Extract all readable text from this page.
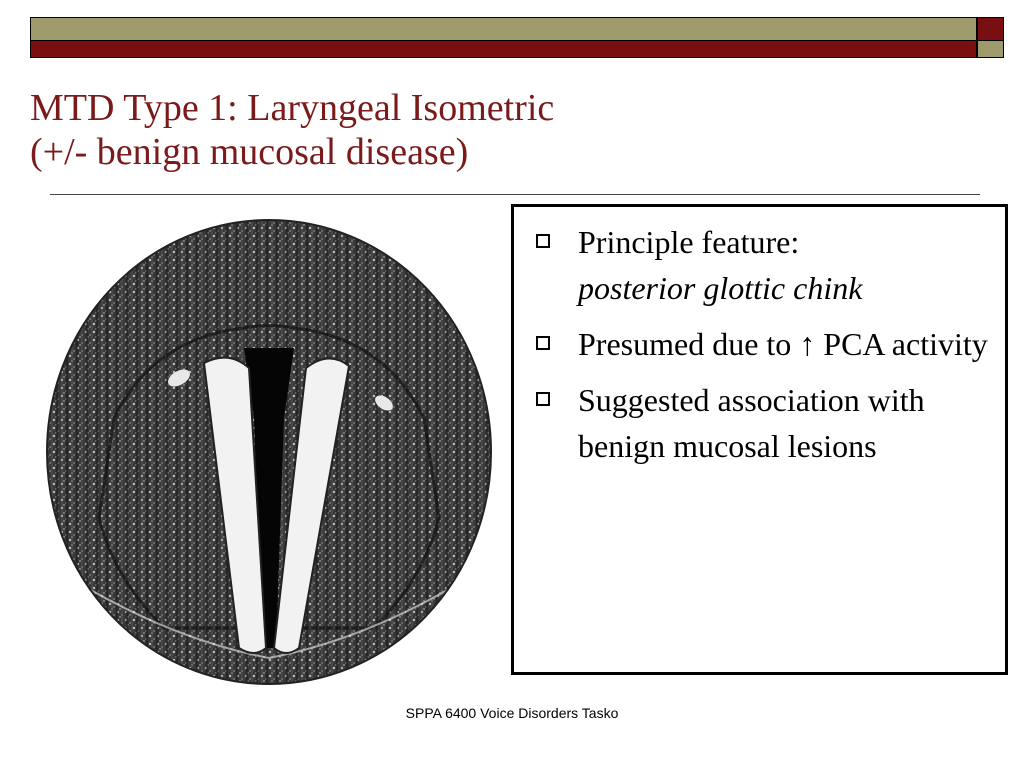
MTD Type 1: Laryngeal Isometric
(+/- benign mucosal disease)
Principle feature:
posterior glottic chink
Presumed due to ↑ PCA activity
Suggested association with benign mucosal lesions
SPPA 6400 Voice Disorders Tasko
